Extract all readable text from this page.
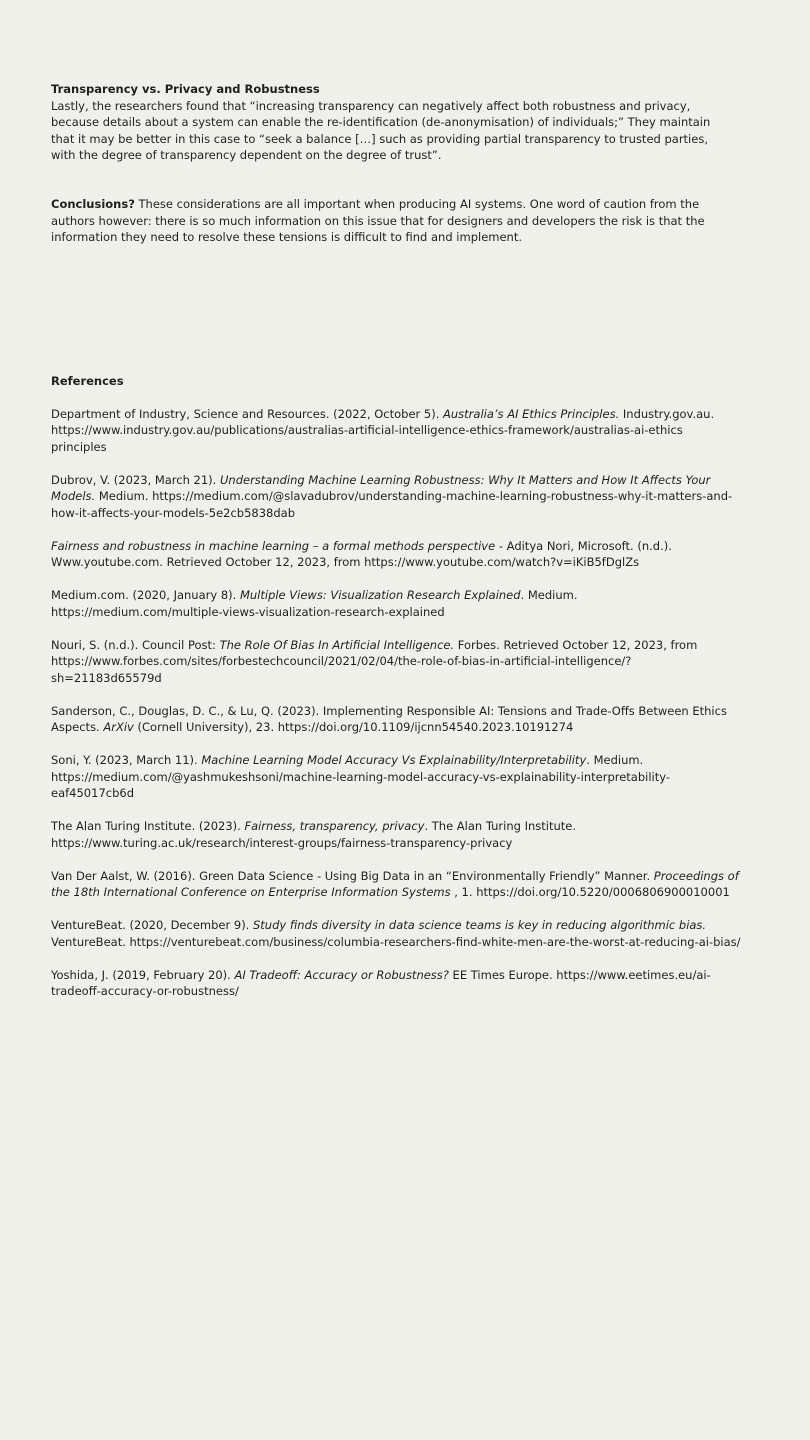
Transparency vs. Privacy and Robustness

Lastly, the researchers found that “increasing transparency can negatively affect both robustness and privacy, because details about a system can enable the re-identification (de-anonymisation) of individuals;” They maintain that it may be better in this case to “seek a balance […] such as providing partial transparency to trusted parties, with the degree of transparency dependent on the degree of trust”.

Conclusions? These considerations are all important when producing AI systems. One word of caution from the authors however: there is so much information on this issue that for designers and developers the risk is that the information they need to resolve these tensions is difficult to find and implement.

References

Department of Industry, Science and Resources. (2022, October 5). Australia’s AI Ethics Principles. Industry.gov.au. https://www.industry.gov.au/publications/australias-artificial-intelligence-ethics-framework/australias-ai-ethics principles

Dubrov, V. (2023, March 21). Understanding Machine Learning Robustness: Why It Matters and How It Affects Your Models. Medium. https://medium.com/@slavadubrov/understanding-machine-learning-robustness-why-it-matters-and-how-it-affects-your-models-5e2cb5838dab

Fairness and robustness in machine learning – a formal methods perspective - Aditya Nori, Microsoft. (n.d.). Www.youtube.com. Retrieved October 12, 2023, from https://www.youtube.com/watch?v=iKiB5fDglZs

Medium.com. (2020, January 8). Multiple Views: Visualization Research Explained. Medium. https://medium.com/multiple-views-visualization-research-explained

Nouri, S. (n.d.). Council Post: The Role Of Bias In Artificial Intelligence. Forbes. Retrieved October 12, 2023, from https://www.forbes.com/sites/forbestechcouncil/2021/02/04/the-role-of-bias-in-artificial-intelligence/?sh=21183d65579d

Sanderson, C., Douglas, D. C., & Lu, Q. (2023). Implementing Responsible AI: Tensions and Trade-Offs Between Ethics Aspects. ArXiv (Cornell University), 23. https://doi.org/10.1109/ijcnn54540.2023.10191274

Soni, Y. (2023, March 11). Machine Learning Model Accuracy Vs Explainability/Interpretability. Medium. https://medium.com/@yashmukeshsoni/machine-learning-model-accuracy-vs-explainability-interpretability-eaf45017cb6d

The Alan Turing Institute. (2023). Fairness, transparency, privacy. The Alan Turing Institute. https://www.turing.ac.uk/research/interest-groups/fairness-transparency-privacy

Van Der Aalst, W. (2016). Green Data Science - Using Big Data in an “Environmentally Friendly” Manner. Proceedings of the 18th International Conference on Enterprise Information Systems , 1. https://doi.org/10.5220/0006806900010001

VentureBeat. (2020, December 9). Study finds diversity in data science teams is key in reducing algorithmic bias. VentureBeat. https://venturebeat.com/business/columbia-researchers-find-white-men-are-the-worst-at-reducing-ai-bias/

Yoshida, J. (2019, February 20). AI Tradeoff: Accuracy or Robustness? EE Times Europe. https://www.eetimes.eu/ai-tradeoff-accuracy-or-robustness/
